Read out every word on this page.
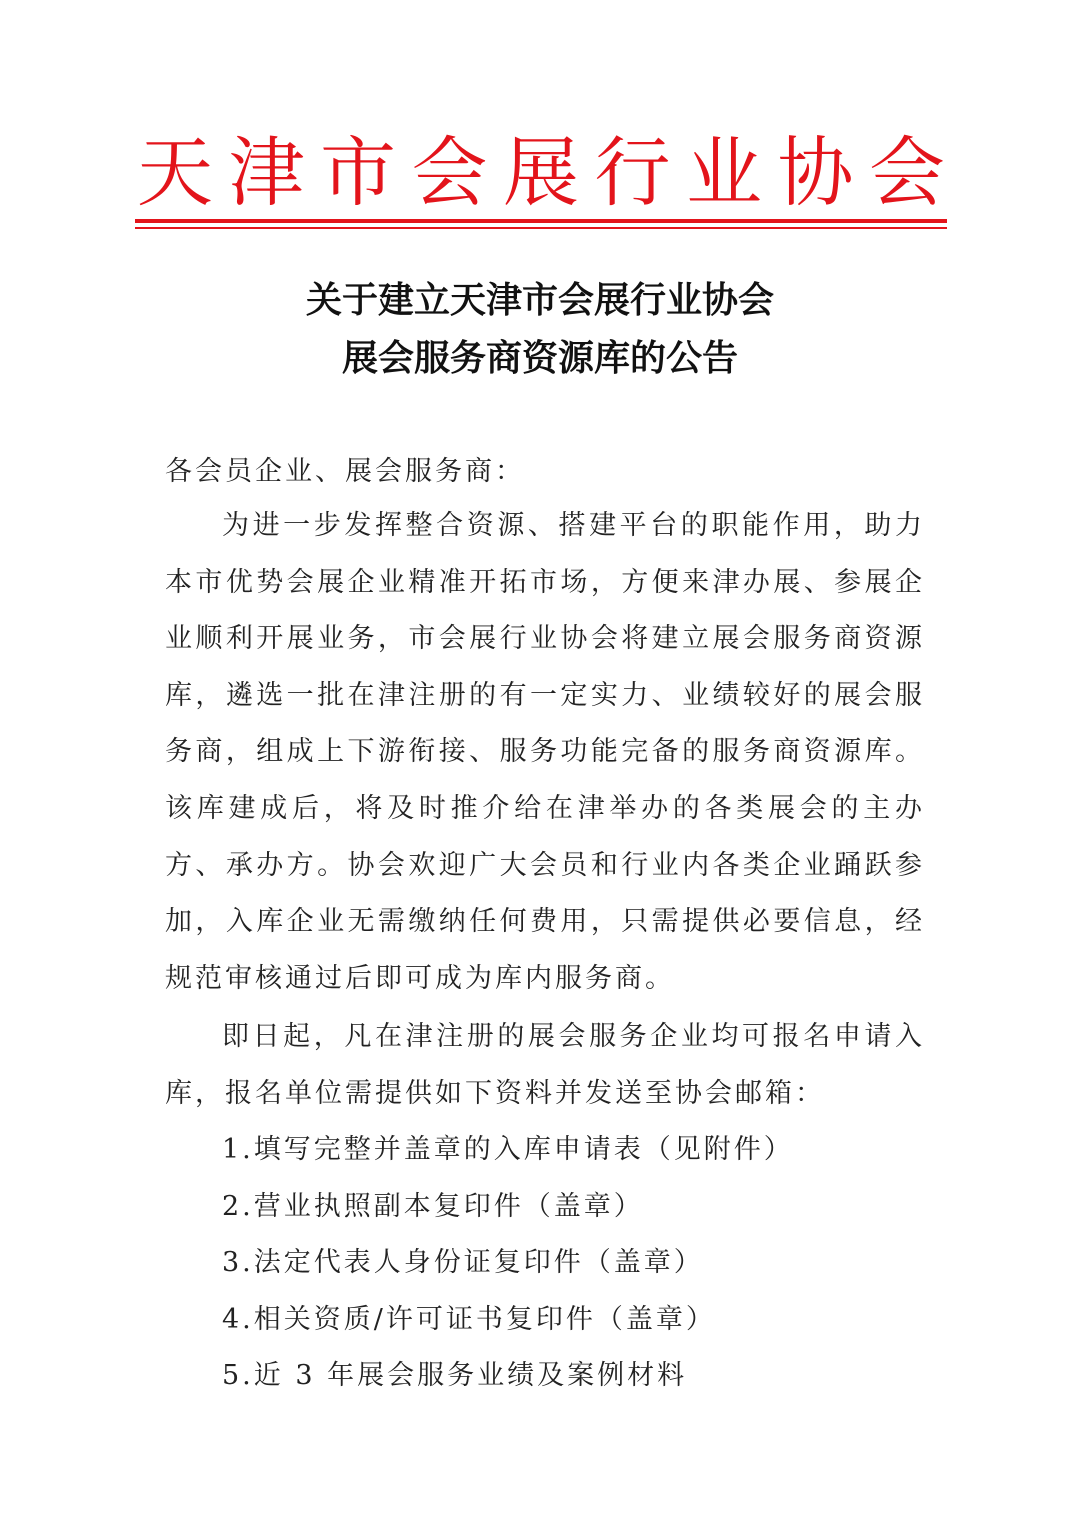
天 津 市 会 展 行 业 协 会
关于建立天津市会展行业协会
展会服务商资源库的公告
各会员企业、展会服务商：

为进一步发挥整合资源、搭建平台的职能作用，助力本市优势会展企业精准开拓市场，方便来津办展、参展企业顺利开展业务，市会展行业协会将建立展会服务商资源库，遴选一批在津注册的有一定实力、业绩较好的展会服务商，组成上下游衔接、服务功能完备的服务商资源库。该库建成后，将及时推介给在津举办的各类展会的主办方、承办方。协会欢迎广大会员和行业内各类企业踊跃参加，入库企业无需缴纳任何费用，只需提供必要信息，经规范审核通过后即可成为库内服务商。

即日起，凡在津注册的展会服务企业均可报名申请入库，报名单位需提供如下资料并发送至协会邮箱：

1.填写完整并盖章的入库申请表（见附件）
2.营业执照副本复印件（盖章）
3.法定代表人身份证复印件（盖章）
4.相关资质/许可证书复印件（盖章）
5.近 3 年展会服务业绩及案例材料
